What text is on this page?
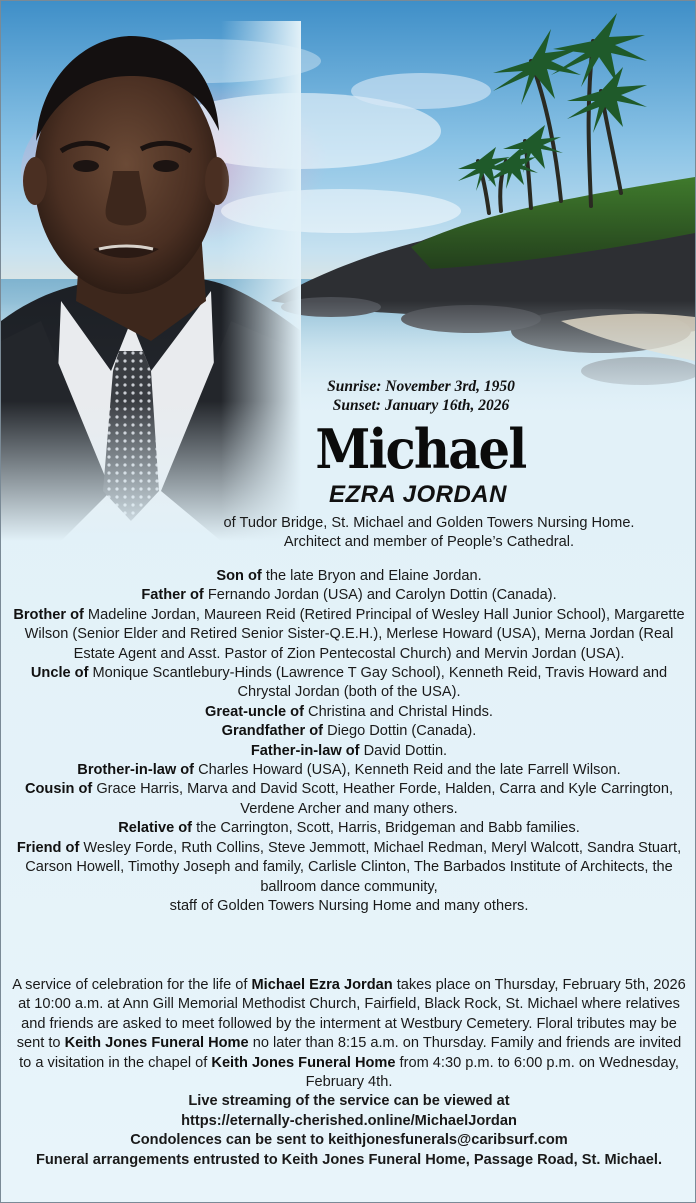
Sunrise: November 3rd, 1950
Sunset: January 16th, 2026
Michael
EZRA JORDAN

of Tudor Bridge, St. Michael and Golden Towers Nursing Home.

Architect and member of People’s Cathedral.

Son of the late Bryon and Elaine Jordan.

Father of Fernando Jordan (USA) and Carolyn Dottin (Canada).

Brother of Madeline Jordan, Maureen Reid (Retired Principal of Wesley Hall Junior School), Margarette Wilson (Senior Elder and Retired Senior Sister-Q.E.H.), Merlese Howard (USA), Merna Jordan (Real Estate Agent and Asst. Pastor of Zion Pentecostal Church) and Mervin Jordan (USA).

Uncle of Monique Scantlebury-Hinds (Lawrence T Gay School), Kenneth Reid, Travis Howard and Chrystal Jordan (both of the USA).

Great-uncle of Christina and Christal Hinds.

Grandfather of Diego Dottin (Canada).

Father-in-law of David Dottin.

Brother-in-law of Charles Howard (USA), Kenneth Reid and the late Farrell Wilson.

Cousin of Grace Harris, Marva and David Scott, Heather Forde, Halden, Carra and Kyle Carrington, Verdene Archer and many others.

Relative of the Carrington, Scott, Harris, Bridgeman and Babb families.

Friend of Wesley Forde, Ruth Collins, Steve Jemmott, Michael Redman, Meryl Walcott, Sandra Stuart, Carson Howell, Timothy Joseph and family, Carlisle Clinton, The Barbados Institute of Architects, the ballroom dance community,

staff of Golden Towers Nursing Home and many others.

A service of celebration for the life of Michael Ezra Jordan takes place on Thursday, February 5th, 2026 at 10:00 a.m. at Ann Gill Memorial Methodist Church, Fairfield, Black Rock, St. Michael where relatives and friends are asked to meet followed by the interment at Westbury Cemetery. Floral tributes may be sent to Keith Jones Funeral Home no later than 8:15 a.m. on Thursday. Family and friends are invited to a visitation in the chapel of Keith Jones Funeral Home from 4:30 p.m. to 6:00 p.m. on Wednesday, February 4th.

Live streaming of the service can be viewed at

https://eternally-cherished.online/MichaelJordan

Condolences can be sent to keithjonesfunerals@caribsurf.com

Funeral arrangements entrusted to Keith Jones Funeral Home, Passage Road, St. Michael.
